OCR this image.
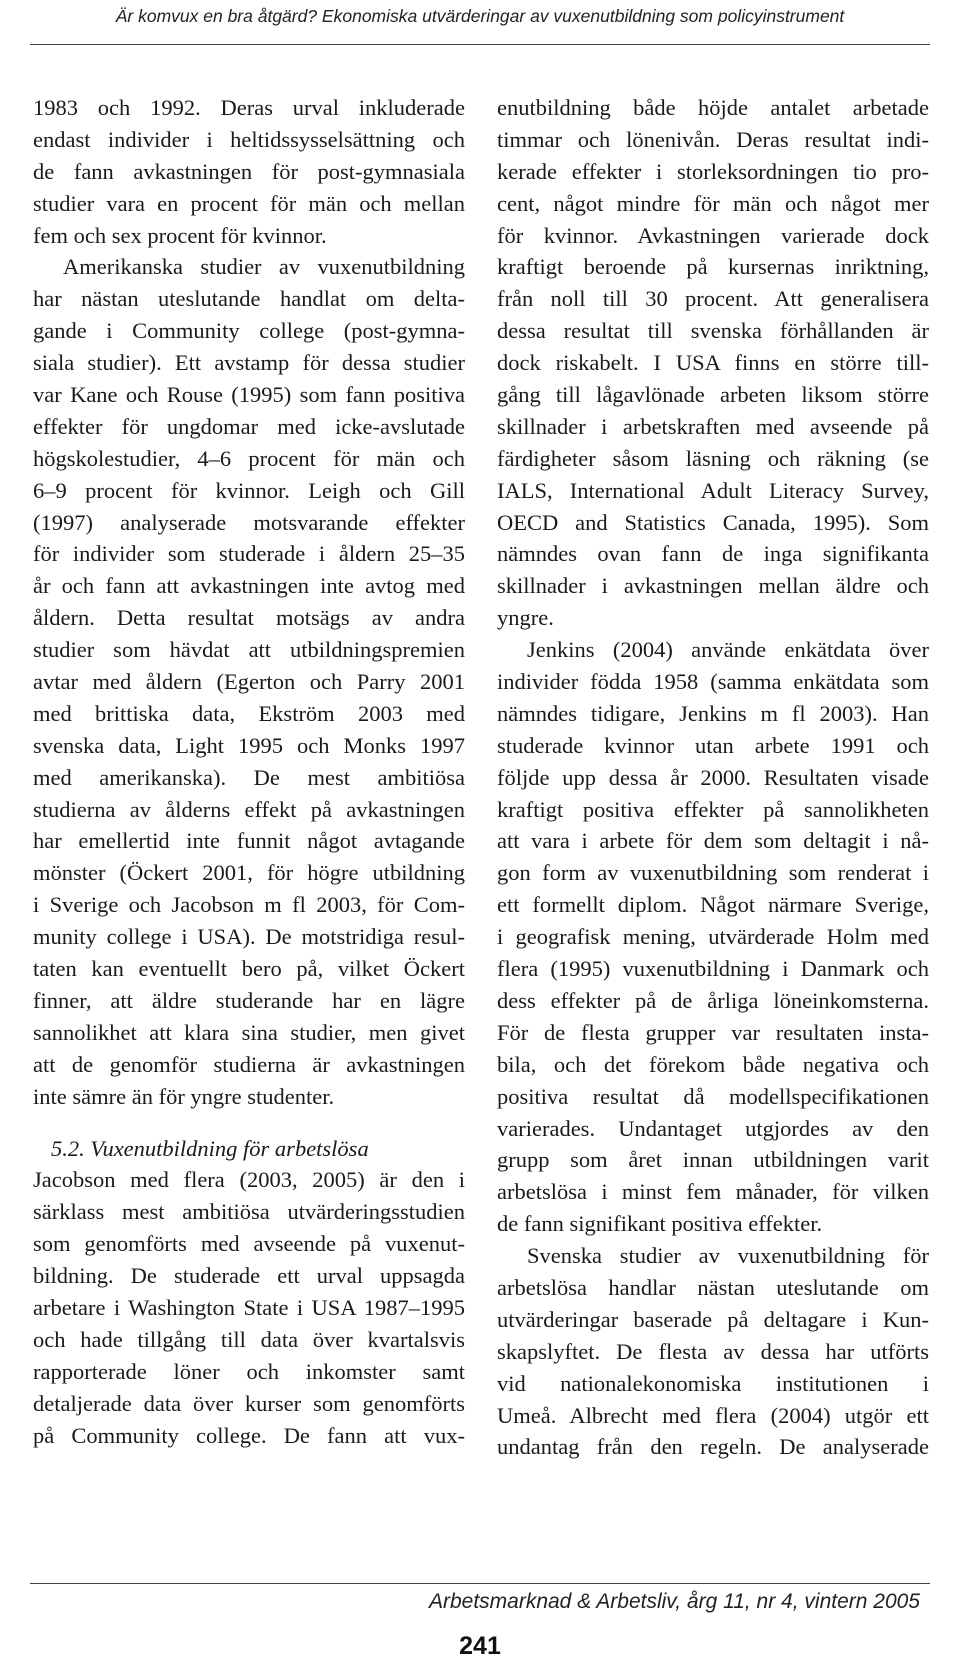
Är komvux en bra åtgärd? Ekonomiska utvärderingar av vuxenutbildning som policyinstrument
1983 och 1992. Deras urval inkluderade
endast individer i heltidssysselsättning och
de fann avkastningen för post-gymnasiala
studier vara en procent för män och mellan
fem och sex procent för kvinnor.
Amerikanska studier av vuxenutbildning
har nästan uteslutande handlat om delta-
gande i Community college (post-gymna-
siala studier). Ett avstamp för dessa studier
var Kane och Rouse (1995) som fann positiva
effekter för ungdomar med icke-avslutade
högskolestudier, 4–6 procent för män och
6–9 procent för kvinnor. Leigh och Gill
(1997) analyserade motsvarande effekter
för individer som studerade i åldern 25–35
år och fann att avkastningen inte avtog med
åldern. Detta resultat motsägs av andra
studier som hävdat att utbildningspremien
avtar med åldern (Egerton och Parry 2001
med brittiska data, Ekström 2003 med
svenska data, Light 1995 och Monks 1997
med amerikanska). De mest ambitiösa
studierna av ålderns effekt på avkastningen
har emellertid inte funnit något avtagande
mönster (Öckert 2001, för högre utbildning
i Sverige och Jacobson m fl 2003, för Com-
munity college i USA). De motstridiga resul-
taten kan eventuellt bero på, vilket Öckert
finner, att äldre studerande har en lägre
sannolikhet att klara sina studier, men givet
att de genomför studierna är avkastningen
inte sämre än för yngre studenter.
5.2. Vuxenutbildning för arbetslösa
Jacobson med flera (2003, 2005) är den i
särklass mest ambitiösa utvärderingsstudien
som genomförts med avseende på vuxenut-
bildning. De studerade ett urval uppsagda
arbetare i Washington State i USA 1987–1995
och hade tillgång till data över kvartalsvis
rapporterade löner och inkomster samt
detaljerade data över kurser som genomförts
på Community college. De fann att vux-
enutbildning både höjde antalet arbetade
timmar och lönenivån. Deras resultat indi-
kerade effekter i storleksordningen tio pro-
cent, något mindre för män och något mer
för kvinnor. Avkastningen varierade dock
kraftigt beroende på kursernas inriktning,
från noll till 30 procent. Att generalisera
dessa resultat till svenska förhållanden är
dock riskabelt. I USA finns en större till-
gång till lågavlönade arbeten liksom större
skillnader i arbetskraften med avseende på
färdigheter såsom läsning och räkning (se
IALS, International Adult Literacy Survey,
OECD and Statistics Canada, 1995). Som
nämndes ovan fann de inga signifikanta
skillnader i avkastningen mellan äldre och
yngre.
Jenkins (2004) använde enkätdata över
individer födda 1958 (samma enkätdata som
nämndes tidigare, Jenkins m fl 2003). Han
studerade kvinnor utan arbete 1991 och
följde upp dessa år 2000. Resultaten visade
kraftigt positiva effekter på sannolikheten
att vara i arbete för dem som deltagit i nå-
gon form av vuxenutbildning som renderat i
ett formellt diplom. Något närmare Sverige,
i geografisk mening, utvärderade Holm med
flera (1995) vuxenutbildning i Danmark och
dess effekter på de årliga löneinkomsterna.
För de flesta grupper var resultaten insta-
bila, och det förekom både negativa och
positiva resultat då modellspecifikationen
varierades. Undantaget utgjordes av den
grupp som året innan utbildningen varit
arbetslösa i minst fem månader, för vilken
de fann signifikant positiva effekter.
Svenska studier av vuxenutbildning för
arbetslösa handlar nästan uteslutande om
utvärderingar baserade på deltagare i Kun-
skapslyftet. De flesta av dessa har utförts
vid nationalekonomiska institutionen i
Umeå. Albrecht med flera (2004) utgör ett
undantag från den regeln. De analyserade
Arbetsmarknad & Arbetsliv, årg 11, nr 4, vintern 2005
241
